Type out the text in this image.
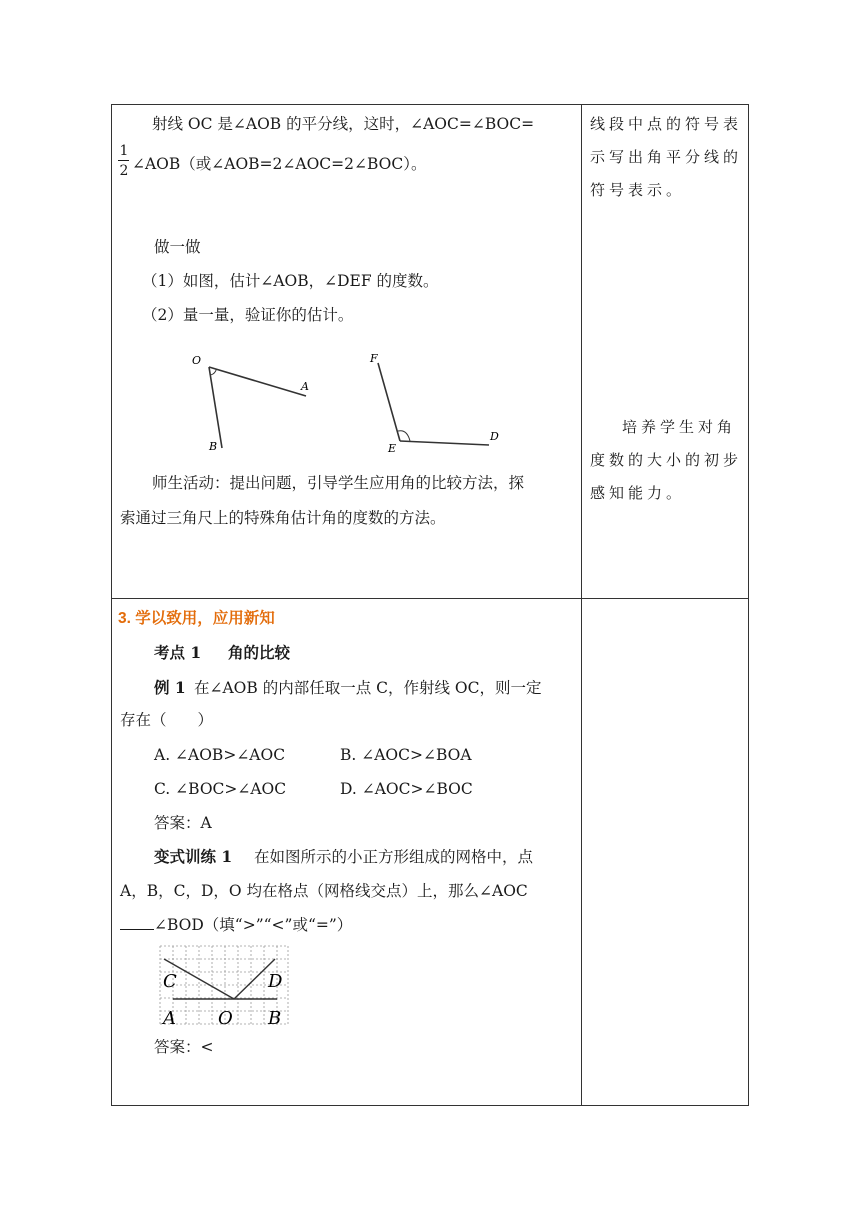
射线 OC 是∠AOB 的平分线，这时，∠AOC=∠BOC=
1
2 ∠AOB（或∠AOB=2∠AOC=2∠BOC）。
做一做
（1）如图，估计∠AOB，∠DEF 的度数。
（2）量一量，验证你的估计。
O
A
B
F
E
D
师生活动：提出问题，引导学生应用角的比较方法，探
索通过三角尺上的特殊角估计角的度数的方法。
线段中点的符号表
示写出角平分线的
符号表示。
培养学生对角
度数的大小的初步
感知能力。
3. 学以致用，应用新知
考点 1 角的比较
例 1 在∠AOB 的内部任取一点 C，作射线 OC，则一定
存在（　　）
A. ∠AOB>∠AOC	B. ∠AOC>∠BOA
C. ∠BOC>∠AOC	D. ∠AOC>∠BOC
答案：A
变式训练 1 在如图所示的小正方形组成的网格中，点
A，B，C，D，O 均在格点（网格线交点）上，那么∠AOC
∠BOD（填“>”“<”或“=”）
C	D
A O B
答案：<
